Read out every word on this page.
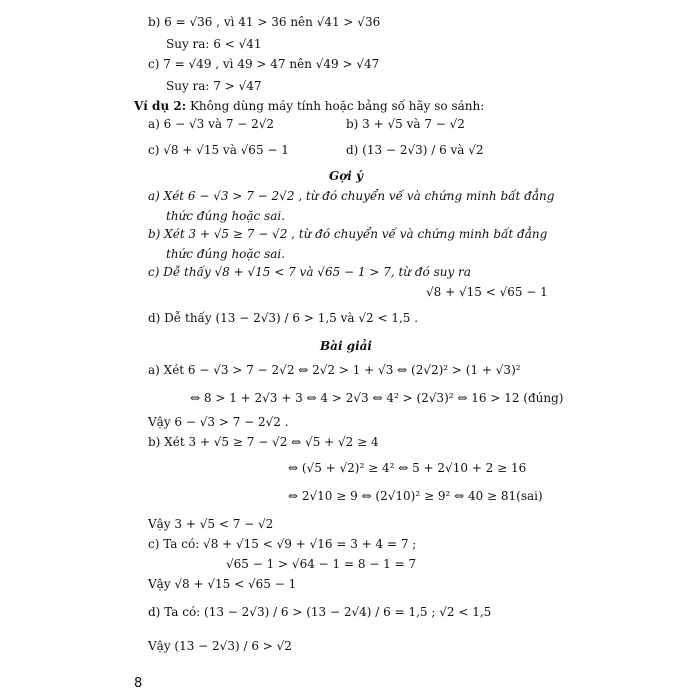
b) 6 = √36 , vì 41 > 36 nên √41 > √36
Suy ra: 6 < √41
c) 7 = √49 , vì 49 > 47 nên √49 > √47
Suy ra: 7 > √47
Ví dụ 2: Không dùng máy tính hoặc bảng số hãy so sánh:
a) 6 − √3 và 7 − 2√2	b) 3 + √5 và 7 − √2
c) √8 + √15 và √65 − 1	d) (13 − 2√3) / 6 và √2
Gợi ý
a) Xét 6 − √3 > 7 − 2√2 , từ đó chuyển vế và chứng minh bất đẳng
thức đúng hoặc sai.
b) Xét 3 + √5 ≥ 7 − √2 , từ đó chuyển vế và chứng minh bất đẳng
thức đúng hoặc sai.
c) Dễ thấy √8 + √15 < 7 và √65 − 1 > 7, từ đó suy ra
√8 + √15 < √65 − 1
d) Dễ thấy (13 − 2√3) / 6 > 1,5 và √2 < 1,5 .
Bài giải
a) Xét 6 − √3 > 7 − 2√2 ⇔ 2√2 > 1 + √3 ⇔ (2√2)² > (1 + √3)²
⇔ 8 > 1 + 2√3 + 3 ⇔ 4 > 2√3 ⇔ 4² > (2√3)² ⇔ 16 > 12 (đúng)
Vậy 6 − √3 > 7 − 2√2 .
b) Xét 3 + √5 ≥ 7 − √2 ⇔ √5 + √2 ≥ 4
⇔ (√5 + √2)² ≥ 4² ⇔ 5 + 2√10 + 2 ≥ 16
⇔ 2√10 ≥ 9 ⇔ (2√10)² ≥ 9² ⇔ 40 ≥ 81(sai)
Vậy 3 + √5 < 7 − √2
c) Ta có: √8 + √15 < √9 + √16 = 3 + 4 = 7 ;
√65 − 1 > √64 − 1 = 8 − 1 = 7
Vậy √8 + √15 < √65 − 1
d) Ta có: (13 − 2√3) / 6 > (13 − 2√4) / 6 = 1,5 ; √2 < 1,5
Vậy (13 − 2√3) / 6 > √2
8
